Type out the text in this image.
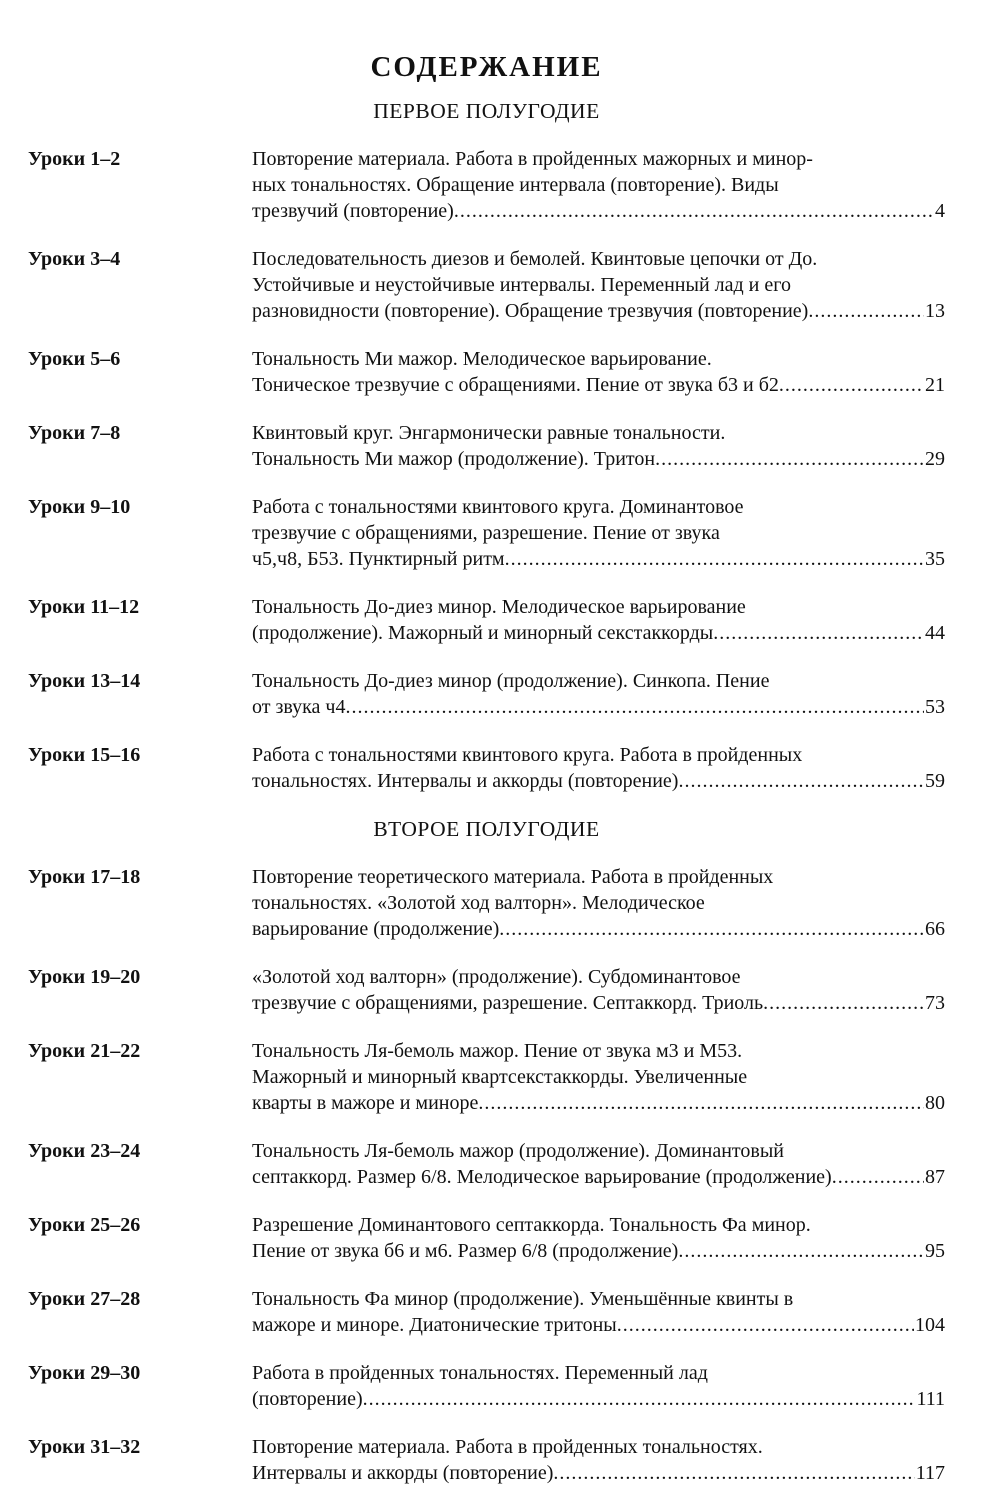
СОДЕРЖАНИЕ
ПЕРВОЕ ПОЛУГОДИЕ
Уроки 1–2	Повторение материала. Работа в пройденных мажорных и минор-
ных тональностях. Обращение интервала (повторение). Виды
трезвучий (повторение) .....	4
Уроки 3–4	Последовательность диезов и бемолей. Квинтовые цепочки от До.
Устойчивые и неустойчивые интервалы. Переменный лад и его
разновидности (повторение). Обращение трезвучия (повторение) .....	13
Уроки 5–6	Тональность Ми мажор. Мелодическое варьирование.
Тоническое трезвучие с обращениями. Пение от звука б3 и б2 .....	21
Уроки 7–8	Квинтовый круг. Энгармонически равные тональности.
Тональность Ми мажор (продолжение). Тритон .....	29
Уроки 9–10	Работа с тональностями квинтового круга. Доминантовое
трезвучие с обращениями, разрешение. Пение от звука
ч5,ч8, Б53. Пунктирный ритм .....	35
Уроки 11–12	Тональность До-диез минор. Мелодическое варьирование
(продолжение). Мажорный и минорный секстаккорды .....	44
Уроки 13–14	Тональность До-диез минор (продолжение). Синкопа. Пение
от звука ч4 .....	53
Уроки 15–16	Работа с тональностями квинтового круга. Работа в пройденных
тональностях. Интервалы и аккорды (повторение) .....	59
ВТОРОЕ ПОЛУГОДИЕ
Уроки 17–18	Повторение теоретического материала. Работа в пройденных
тональностях. «Золотой ход валторн». Мелодическое
варьирование (продолжение) .....	66
Уроки 19–20	«Золотой ход валторн» (продолжение). Субдоминантовое
трезвучие с обращениями, разрешение. Септаккорд. Триоль .....	73
Уроки 21–22	Тональность Ля-бемоль мажор. Пение от звука м3 и М53.
Мажорный и минорный квартсекстаккорды. Увеличенные
кварты в мажоре и миноре .....	80
Уроки 23–24	Тональность Ля-бемоль мажор (продолжение). Доминантовый
септаккорд. Размер 6/8. Мелодическое варьирование (продолжение) .....	87
Уроки 25–26	Разрешение Доминантового септаккорда. Тональность Фа минор.
Пение от звука б6 и м6. Размер 6/8 (продолжение) .....	95
Уроки 27–28	Тональность Фа минор (продолжение). Уменьшённые квинты в
мажоре и миноре. Диатонические тритоны .....	104
Уроки 29–30	Работа в пройденных тональностях. Переменный лад
(повторение) .....	111
Уроки 31–32	Повторение материала. Работа в пройденных тональностях.
Интервалы и аккорды (повторение) .....	117
